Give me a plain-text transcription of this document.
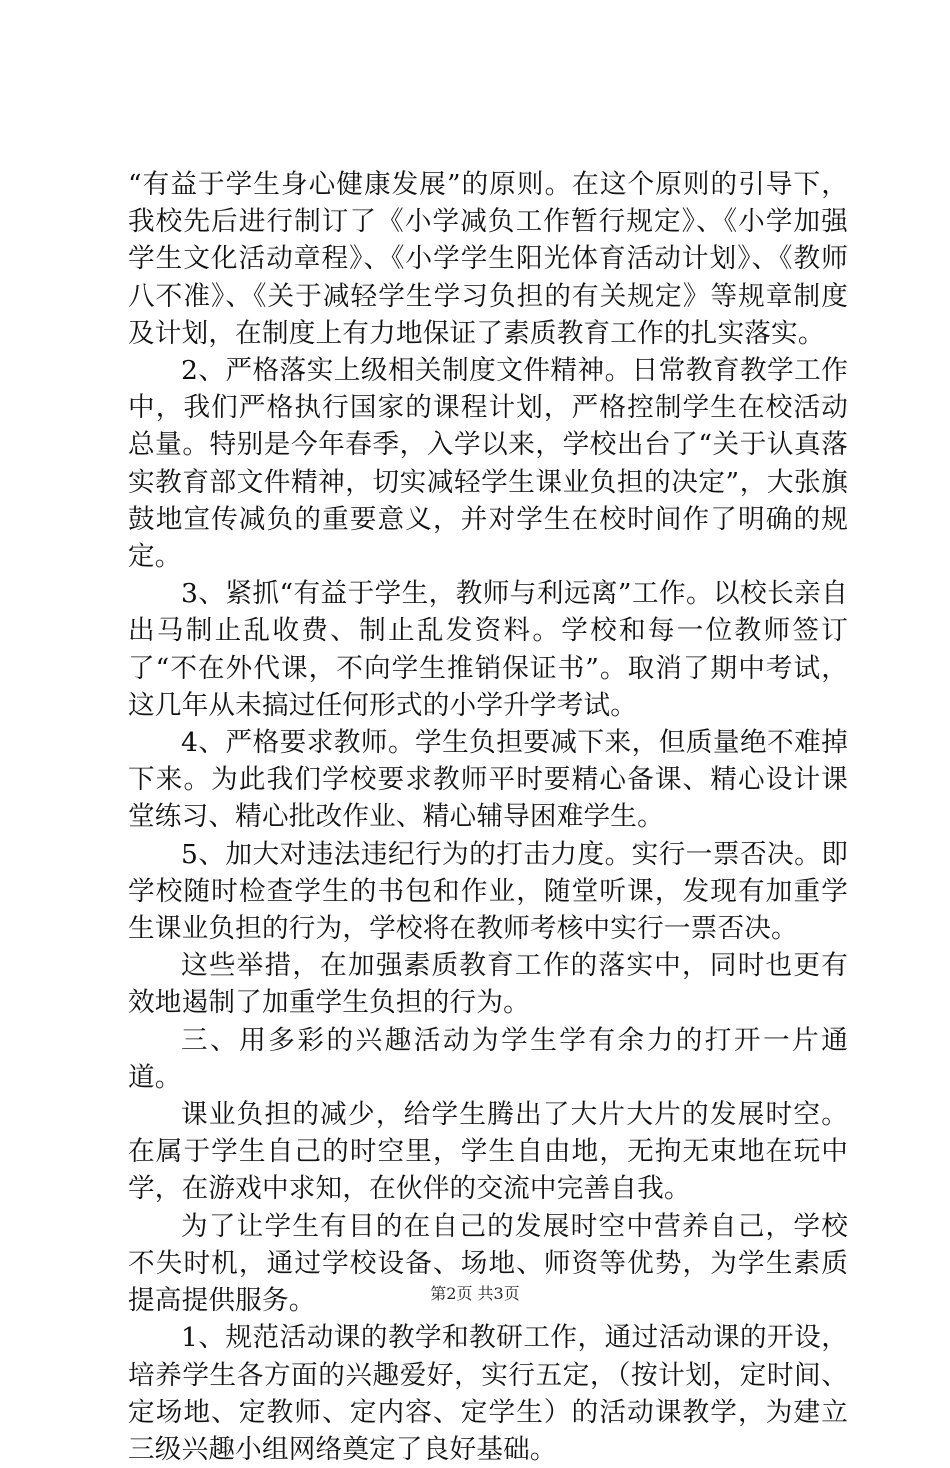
“有益于学生身心健康发展”的原则。在这个原则的引导下，我校先后进行制订了《小学减负工作暂行规定》、《小学加强学生文化活动章程》、《小学学生阳光体育活动计划》、《教师八不准》、《关于减轻学生学习负担的有关规定》等规章制度及计划，在制度上有力地保证了素质教育工作的扎实落实。

2、严格落实上级相关制度文件精神。日常教育教学工作中，我们严格执行国家的课程计划，严格控制学生在校活动总量。特别是今年春季，入学以来，学校出台了“关于认真落实教育部文件精神，切实减轻学生课业负担的决定”，大张旗鼓地宣传减负的重要意义，并对学生在校时间作了明确的规定。

3、紧抓“有益于学生，教师与利远离”工作。以校长亲自出马制止乱收费、制止乱发资料。学校和每一位教师签订了“不在外代课，不向学生推销保证书”。取消了期中考试，这几年从未搞过任何形式的小学升学考试。

4、严格要求教师。学生负担要减下来，但质量绝不难掉下来。为此我们学校要求教师平时要精心备课、精心设计课堂练习、精心批改作业、精心辅导困难学生。

5、加大对违法违纪行为的打击力度。实行一票否决。即学校随时检查学生的书包和作业，随堂听课，发现有加重学生课业负担的行为，学校将在教师考核中实行一票否决。

这些举措，在加强素质教育工作的落实中，同时也更有效地遏制了加重学生负担的行为。

三、用多彩的兴趣活动为学生学有余力的打开一片通道。

课业负担的减少，给学生腾出了大片大片的发展时空。在属于学生自己的时空里，学生自由地，无拘无束地在玩中学，在游戏中求知，在伙伴的交流中完善自我。

为了让学生有目的在自己的发展时空中营养自己，学校不失时机，通过学校设备、场地、师资等优势，为学生素质提高提供服务。

1、规范活动课的教学和教研工作，通过活动课的开设，培养学生各方面的兴趣爱好，实行五定，（按计划，定时间、定场地、定教师、定内容、定学生）的活动课教学，为建立三级兴趣小组网络奠定了良好基础。

第2页 共3页
